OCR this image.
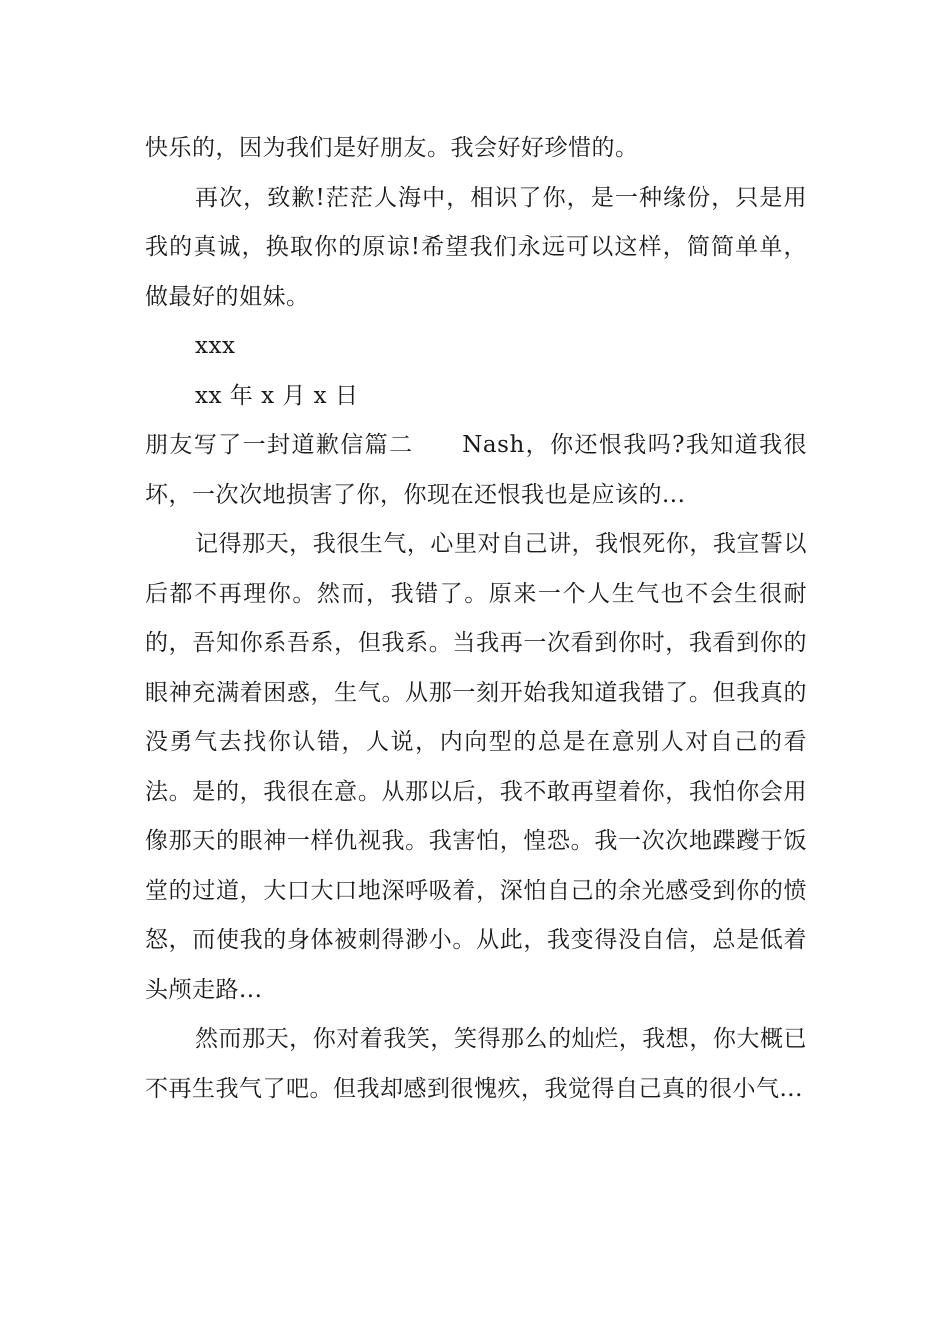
快乐的，因为我们是好朋友。我会好好珍惜的。

再次，致歉!茫茫人海中，相识了你，是一种缘份，只是用我的真诚，换取你的原谅!希望我们永远可以这样，简简单单，做最好的姐妹。

xxx

xx 年 x 月 x 日

朋友写了一封道歉信篇二　　Nash，你还恨我吗?我知道我很坏，一次次地损害了你，你现在还恨我也是应该的...

记得那天，我很生气，心里对自己讲，我恨死你，我宣誓以后都不再理你。然而，我错了。原来一个人生气也不会生很耐的，吾知你系吾系，但我系。当我再一次看到你时，我看到你的眼神充满着困惑，生气。从那一刻开始我知道我错了。但我真的没勇气去找你认错，人说，内向型的总是在意别人对自己的看法。是的，我很在意。从那以后，我不敢再望着你，我怕你会用像那天的眼神一样仇视我。我害怕，惶恐。我一次次地蹀躞于饭堂的过道，大口大口地深呼吸着，深怕自己的余光感受到你的愤怒，而使我的身体被刺得渺小。从此，我变得没自信，总是低着头颅走路...

然而那天，你对着我笑，笑得那么的灿烂，我想，你大概已不再生我气了吧。但我却感到很愧疚，我觉得自己真的很小气...
